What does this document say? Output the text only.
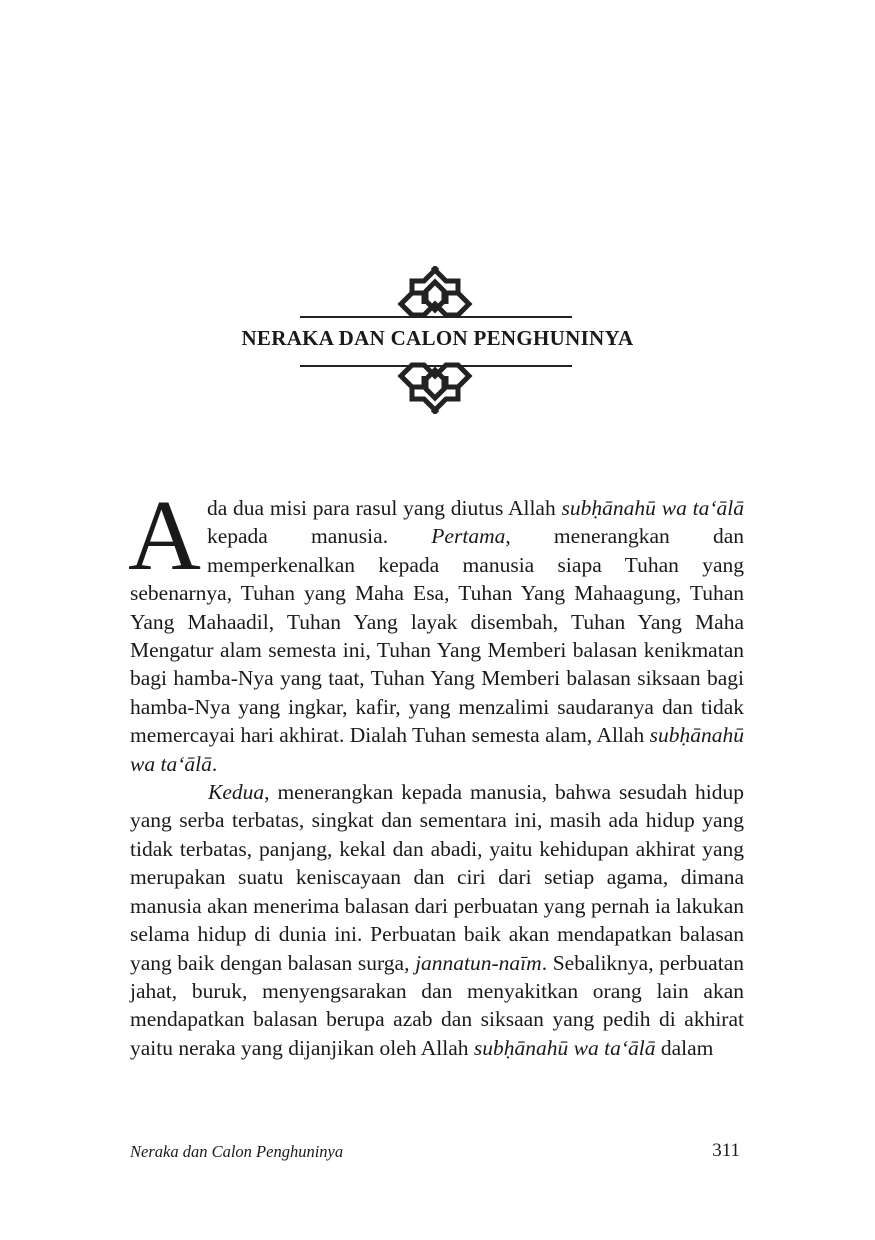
NERAKA DAN CALON PENGHUNINYA

Ada dua misi para rasul yang diutus Allah subḥānahū wa ta‘ālā kepada manusia. Pertama, menerangkan dan memperkenalkan kepada manusia siapa Tuhan yang sebenarnya, Tuhan yang Maha Esa, Tuhan Yang Mahaagung, Tuhan Yang Mahaadil, Tuhan Yang layak disembah, Tuhan Yang Maha Mengatur alam semesta ini, Tuhan Yang Memberi balasan kenikmatan bagi hamba-Nya yang taat, Tuhan Yang Memberi balasan siksaan bagi hamba-Nya yang ingkar, kafir, yang menzalimi saudaranya dan tidak memercayai hari akhirat. Dialah Tuhan semesta alam, Allah subḥānahū wa ta‘ālā.

Kedua, menerangkan kepada manusia, bahwa sesudah hidup yang serba terbatas, singkat dan sementara ini, masih ada hidup yang tidak terbatas, panjang, kekal dan abadi, yaitu kehidupan akhirat yang merupakan suatu keniscayaan dan ciri dari setiap agama, dimana manusia akan menerima balasan dari perbuatan yang pernah ia lakukan selama hidup di dunia ini. Perbuatan baik akan mendapatkan balasan yang baik dengan balasan surga, jannatun-naīm. Sebaliknya, perbuatan jahat, buruk, menyengsarakan dan menyakitkan orang lain akan mendapatkan balasan berupa azab dan siksaan yang pedih di akhirat yaitu neraka yang dijanjikan oleh Allah subḥānahū wa ta‘ālā dalam

Neraka dan Calon Penghuninya	311
